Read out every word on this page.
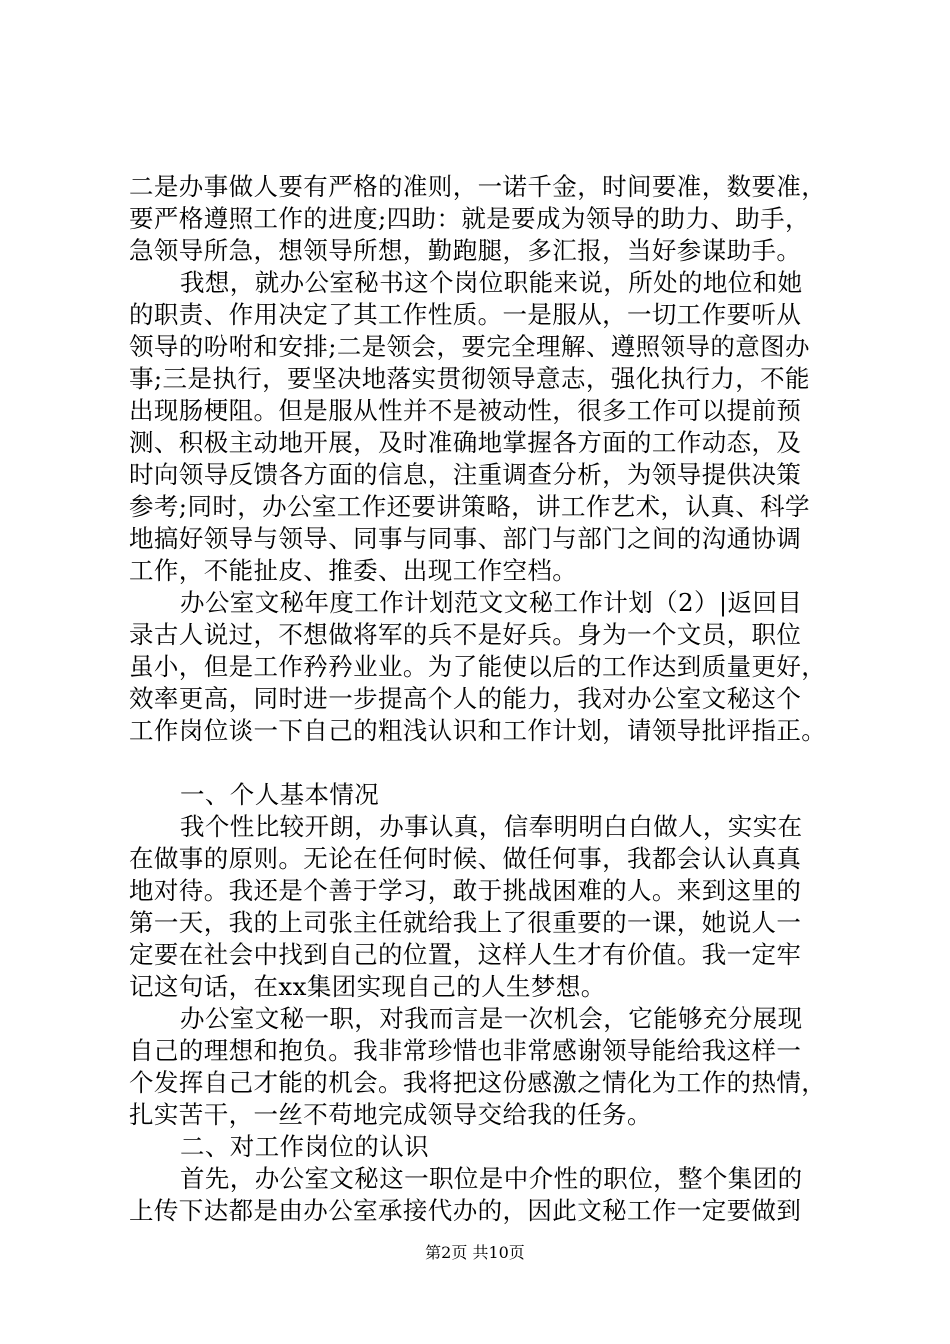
二是办事做人要有严格的准则，一诺千金，时间要准，数要准，
要严格遵照工作的进度;四助：就是要成为领导的助力、助手，
急领导所急，想领导所想，勤跑腿，多汇报，当好参谋助手。
我想，就办公室秘书这个岗位职能来说，所处的地位和她
的职责、作用决定了其工作性质。一是服从，一切工作要听从
领导的吩咐和安排;二是领会，要完全理解、遵照领导的意图办
事;三是执行，要坚决地落实贯彻领导意志，强化执行力，不能
出现肠梗阻。但是服从性并不是被动性，很多工作可以提前预
测、积极主动地开展，及时准确地掌握各方面的工作动态，及
时向领导反馈各方面的信息，注重调查分析，为领导提供决策
参考;同时，办公室工作还要讲策略，讲工作艺术，认真、科学
地搞好领导与领导、同事与同事、部门与部门之间的沟通协调
工作，不能扯皮、推委、出现工作空档。
办公室文秘年度工作计划范文文秘工作计划（2）|返回目
录古人说过，不想做将军的兵不是好兵。身为一个文员，职位
虽小，但是工作矜矜业业。为了能使以后的工作达到质量更好，
效率更高，同时进一步提高个人的能力，我对办公室文秘这个
工作岗位谈一下自己的粗浅认识和工作计划，请领导批评指正。
一、个人基本情况
我个性比较开朗，办事认真，信奉明明白白做人，实实在
在做事的原则。无论在任何时候、做任何事，我都会认认真真
地对待。我还是个善于学习，敢于挑战困难的人。来到这里的
第一天，我的上司张主任就给我上了很重要的一课，她说人一
定要在社会中找到自己的位置，这样人生才有价值。我一定牢
记这句话，在xx集团实现自己的人生梦想。
办公室文秘一职，对我而言是一次机会，它能够充分展现
自己的理想和抱负。我非常珍惜也非常感谢领导能给我这样一
个发挥自己才能的机会。我将把这份感激之情化为工作的热情，
扎实苦干，一丝不苟地完成领导交给我的任务。
二、对工作岗位的认识
首先，办公室文秘这一职位是中介性的职位，整个集团的
上传下达都是由办公室承接代办的，因此文秘工作一定要做到
第2页 共10页
